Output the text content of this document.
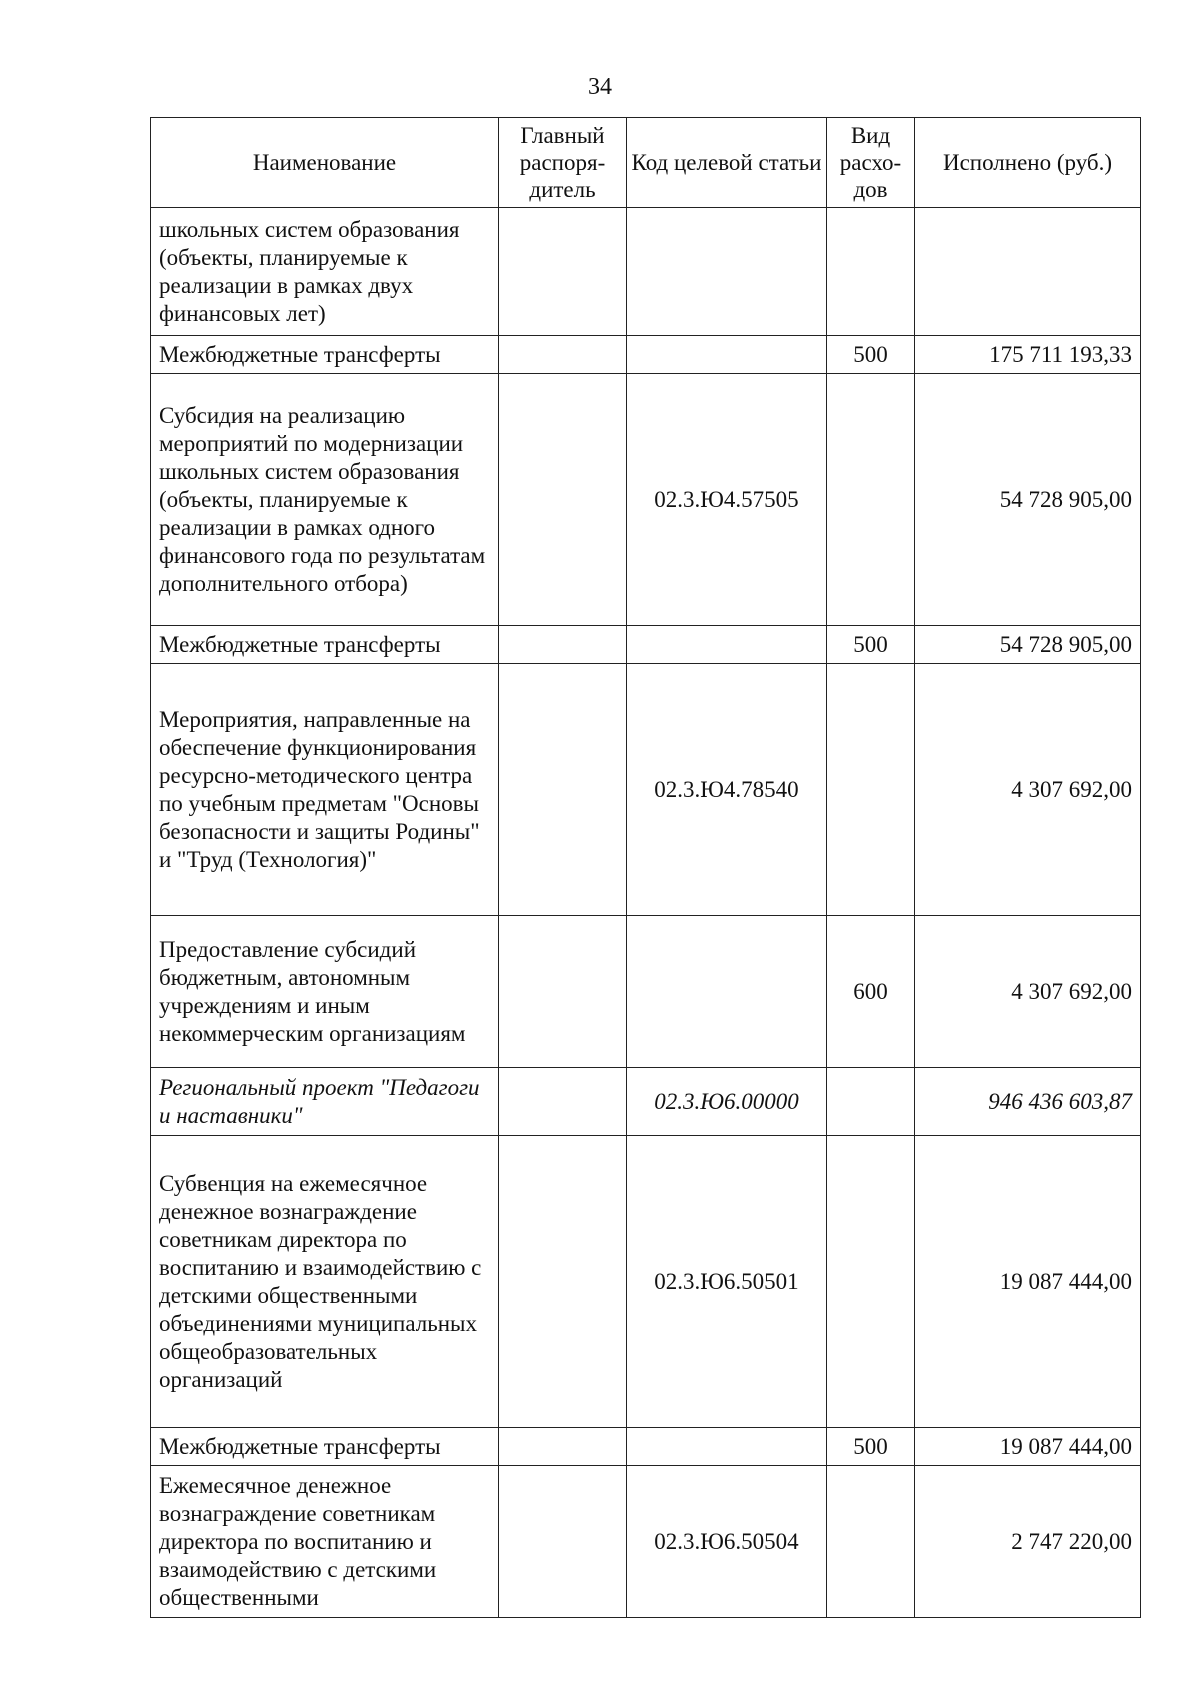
34
Наименование	Главный распоря-дитель	Код целевой статьи	Вид расхо-дов	Исполнено (руб.)
школьных систем образования (объекты, планируемые к реализации в рамках двух финансовых лет)				
Межбюджетные трансферты			500	175 711 193,33
Субсидия на реализацию мероприятий по модернизации школьных систем образования (объекты, планируемые к реализации в рамках одного финансового года по результатам дополнительного отбора)		02.3.Ю4.57505		54 728 905,00
Межбюджетные трансферты			500	54 728 905,00
Мероприятия, направленные на обеспечение функционирования ресурсно-методического центра по учебным предметам "Основы безопасности и защиты Родины" и "Труд (Технология)"		02.3.Ю4.78540		4 307 692,00
Предоставление субсидий бюджетным, автономным учреждениям и иным некоммерческим организациям			600	4 307 692,00
Региональный проект "Педагоги и наставники"		02.3.Ю6.00000		946 436 603,87
Субвенция на ежемесячное денежное вознаграждение советникам директора по воспитанию и взаимодействию с детскими общественными объединениями муниципальных общеобразовательных организаций		02.3.Ю6.50501		19 087 444,00
Межбюджетные трансферты			500	19 087 444,00
Ежемесячное денежное вознаграждение советникам директора по воспитанию и взаимодействию с детскими общественными		02.3.Ю6.50504		2 747 220,00
